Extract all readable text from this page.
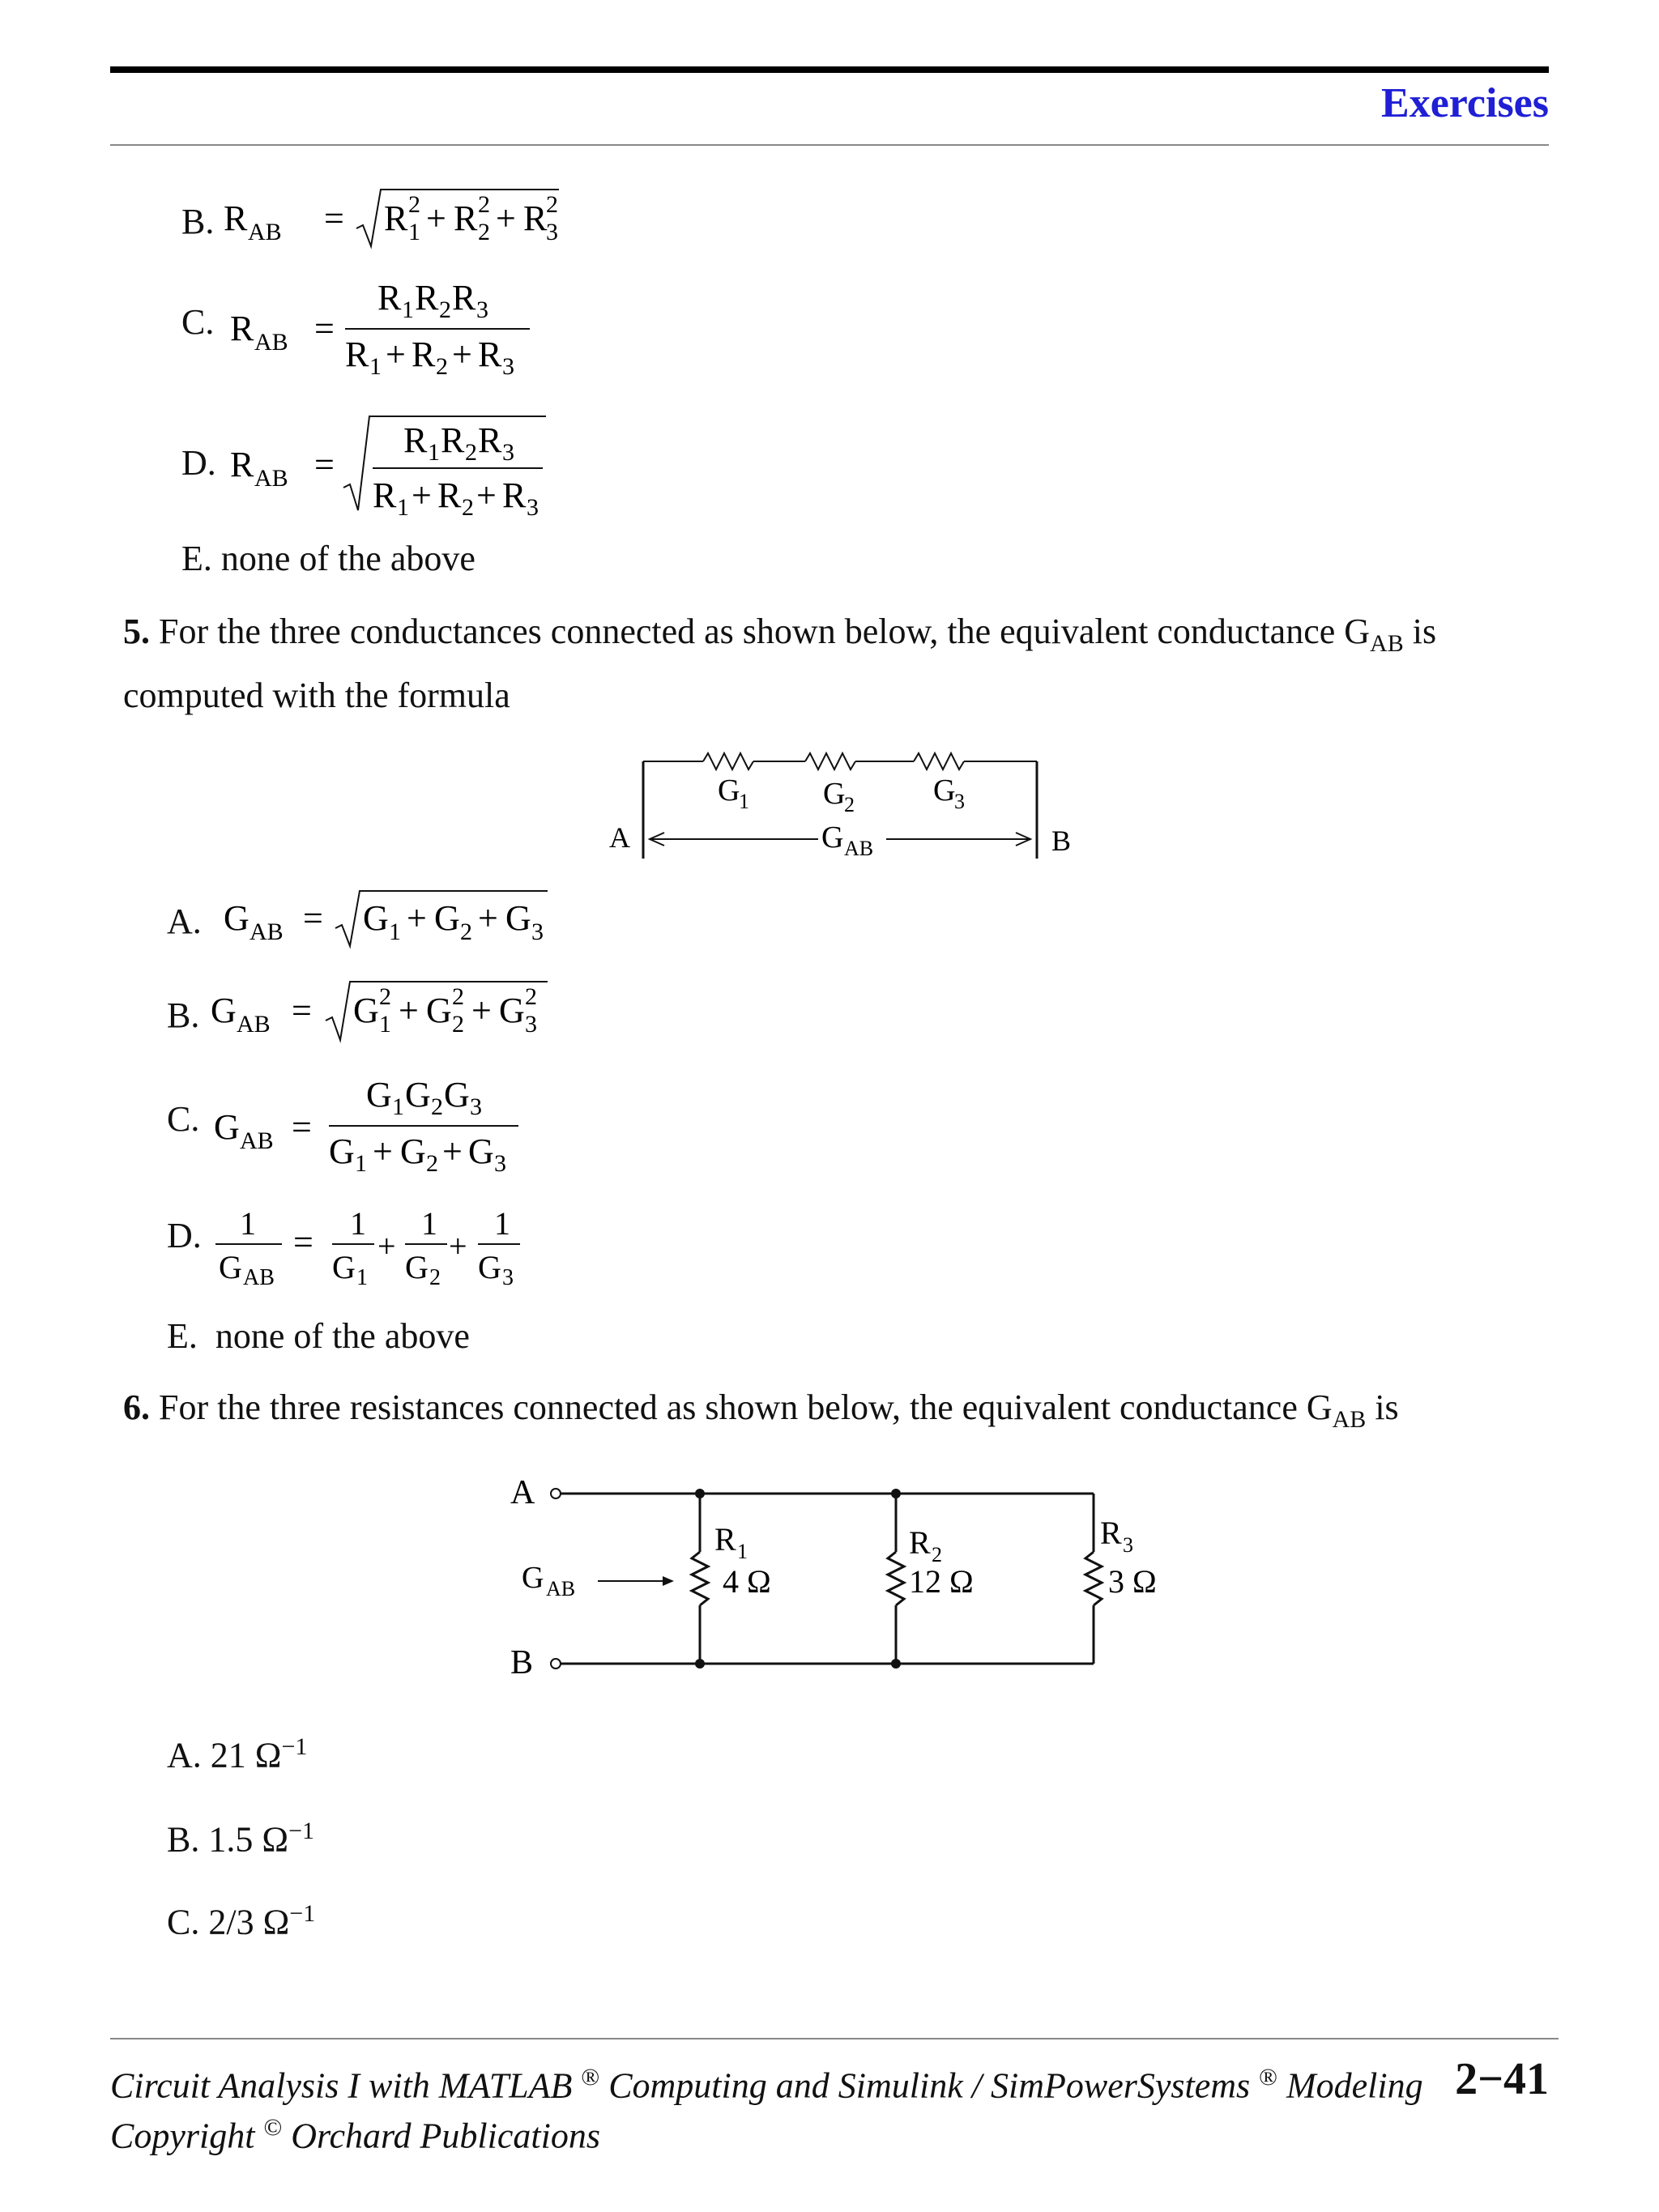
Exercises
B. R AB = R 1
2 + R 2
2 + R
3
2
C. R AB =
R 1 R 2 R 3
R 1 + R 2 + R 3
D. R AB =
R 1 R 2 R 3
R 1 + R 2 + R 3
E. none of the above
5. For the three conductances connected as shown below, the equivalent conductance $G_{AB}$ is computed with the formula
G
1 G
2	G
3
A	B
G AB
A. G AB = G 1 + G 2 + G 3
B. G AB = G 1
2 + G 2
2 + G 3
2
C. G AB =
G 1 G 2 G 3
G 1 + G 2 + G 3
D. 1
G AB
= 1
G 1
+
1
G 2
+
1
G 3
E. none of the above
6. For the three resistances connected as shown below, the equivalent conductance $G_{AB}$ is
A
B
G AB
R 1
4 Ω
R 2
12 Ω
R 3
3 Ω
A. 21 $\Omega^{-1}$
B. 1.5 $\Omega^{-1}$
C. 2/3 $\Omega^{-1}$
Circuit Analysis I with MATLAB ® Computing and Simulink / SimPowerSystems ® Modeling 2−41
Copyright © Orchard Publications
